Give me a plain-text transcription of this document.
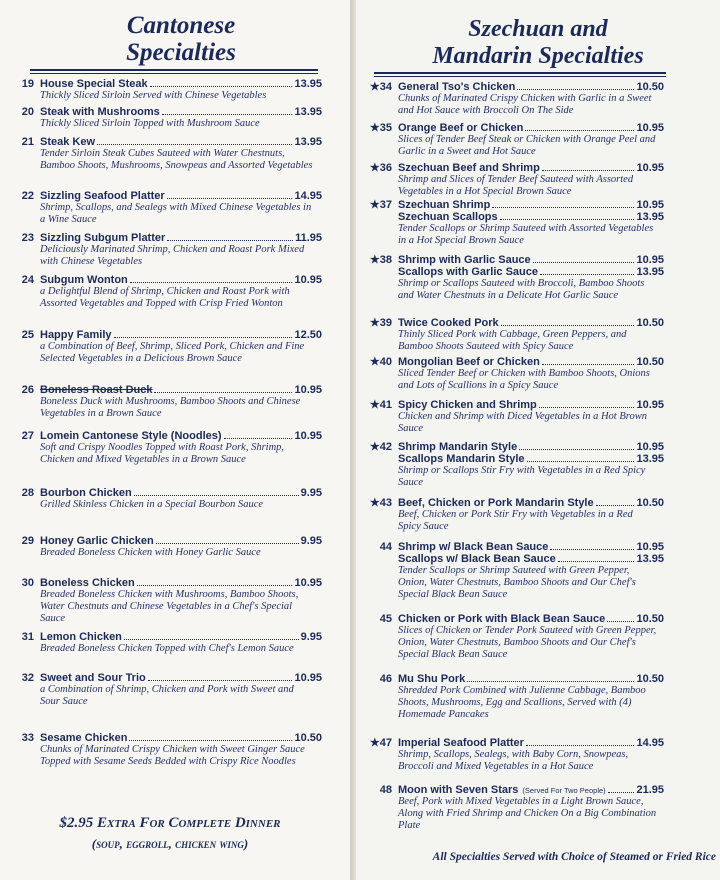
Cantonese
Specialties
19 House Special Steak	13.95
Thickly Sliced Sirloin Served with Chinese Vegetables
20 Steak with Mushrooms	13.95
Thickly Sliced Sirloin Topped with Mushroom Sauce
21 Steak Kew	13.95
Tender Sirloin Steak Cubes Sauteed with Water Chestnuts, Bamboo Shoots, Mushrooms, Snowpeas and Assorted Vegetables
22 Sizzling Seafood Platter	14.95
Shrimp, Scallops, and Sealegs with Mixed Chinese Vegetables in a Wine Sauce
23 Sizzling Subgum Platter	11.95
Deliciously Marinated Shrimp, Chicken and Roast Pork Mixed with Chinese Vegetables
24 Subgum Wonton	10.95
a Delightful Blend of Shrimp, Chicken and Roast Pork with Assorted Vegetables and Topped with Crisp Fried Wonton
25 Happy Family	12.50
a Combination of Beef, Shrimp, Sliced Pork, Chicken and Fine Selected Vegetables in a Delicious Brown Sauce
26 Boneless Roast Duck	10.95
Boneless Duck with Mushrooms, Bamboo Shoots and Chinese Vegetables in a Brown Sauce
27 Lomein Cantonese Style (Noodles)	10.95
Soft and Crispy Noodles Topped with Roast Pork, Shrimp, Chicken and Mixed Vegetables in a Brown Sauce
28 Bourbon Chicken	9.95
Grilled Skinless Chicken in a Special Bourbon Sauce
29 Honey Garlic Chicken	9.95
Breaded Boneless Chicken with Honey Garlic Sauce
30 Boneless Chicken	10.95
Breaded Boneless Chicken with Mushrooms, Bamboo Shoots, Water Chestnuts and Chinese Vegetables in a Chef's Special Sauce
31 Lemon Chicken	9.95
Breaded Boneless Chicken Topped with Chef's Lemon Sauce
32 Sweet and Sour Trio	10.95
a Combination of Shrimp, Chicken and Pork with Sweet and Sour Sauce
33 Sesame Chicken	10.50
Chunks of Marinated Crispy Chicken with Sweet Ginger Sauce Topped with Sesame Seeds Bedded with Crispy Rice Noodles
$2.95 Extra For Complete Dinner
(soup, eggroll, chicken wing)
Szechuan and
Mandarin Specialties
★34 General Tso's Chicken	10.50
Chunks of Marinated Crispy Chicken with Garlic in a Sweet and Hot Sauce with Broccoli On The Side
★35 Orange Beef or Chicken	10.95
Slices of Tender Beef Steak or Chicken with Orange Peel and Garlic in a Sweet and Hot Sauce
★36 Szechuan Beef and Shrimp	10.95
Shrimp and Slices of Tender Beef Sauteed with Assorted Vegetables in a Hot Special Brown Sauce
★37 Szechuan Shrimp	10.95
Szechuan Scallops	13.95
Tender Scallops or Shrimp Sauteed with Assorted Vegetables in a Hot Special Brown Sauce
★38 Shrimp with Garlic Sauce	10.95
Scallops with Garlic Sauce	13.95
Shrimp or Scallops Sauteed with Broccoli, Bamboo Shoots and Water Chestnuts in a Delicate Hot Garlic Sauce
★39 Twice Cooked Pork	10.50
Thinly Sliced Pork with Cabbage, Green Peppers, and Bamboo Shoots Sauteed with Spicy Sauce
★40 Mongolian Beef or Chicken	10.50
Sliced Tender Beef or Chicken with Bamboo Shoots, Onions and Lots of Scallions in a Spicy Sauce
★41 Spicy Chicken and Shrimp	10.95
Chicken and Shrimp with Diced Vegetables in a Hot Brown Sauce
★42 Shrimp Mandarin Style	10.95
Scallops Mandarin Style	13.95
Shrimp or Scallops Stir Fry with Vegetables in a Red Spicy Sauce
★43 Beef, Chicken or Pork Mandarin Style	10.50
Beef, Chicken or Pork Stir Fry with Vegetables in a Red Spicy Sauce
44 Shrimp w/ Black Bean Sauce	10.95
Scallops w/ Black Bean Sauce	13.95
Tender Scallops or Shrimp Sauteed with Green Pepper, Onion, Water Chestnuts, Bamboo Shoots and Our Chef's Special Black Bean Sauce
45 Chicken or Pork with Black Bean Sauce	10.50
Slices of Chicken or Tender Pork Sauteed with Green Pepper, Onion, Water Chestnuts, Bamboo Shoots and Our Chef's Special Black Bean Sauce
46 Mu Shu Pork	10.50
Shredded Pork Combined with Julienne Cabbage, Bamboo Shoots, Mushrooms, Egg and Scallions, Served with (4) Homemade Pancakes
★47 Imperial Seafood Platter	14.95
Shrimp, Scallops, Sealegs, with Baby Corn, Snowpeas, Broccoli and Mixed Vegetables in a Hot Sauce
48 Moon with Seven Stars (Served For Two People)	21.95
Beef, Pork with Mixed Vegetables in a Light Brown Sauce, Along with Fried Shrimp and Chicken On a Big Combination Plate
All Specialties Served with Choice of Steamed or Fried Rice
